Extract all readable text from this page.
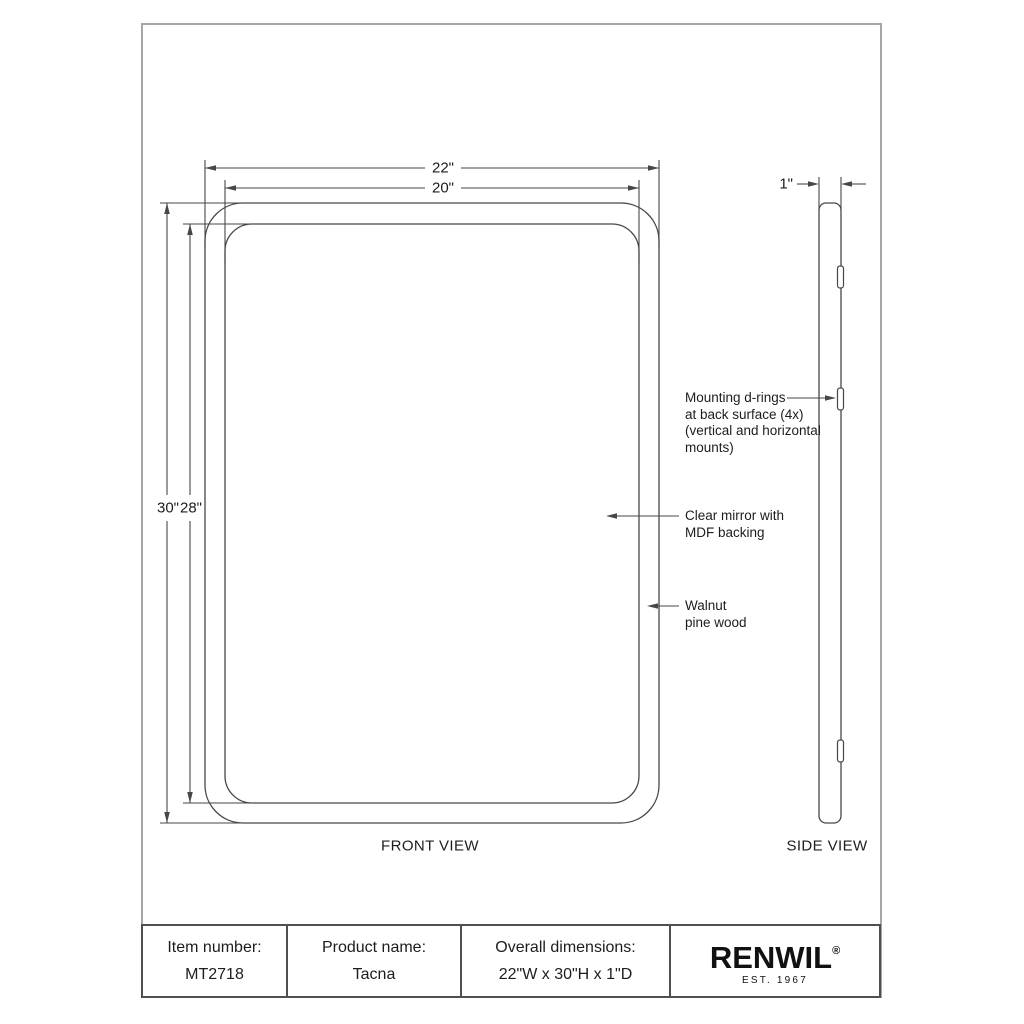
22"
20"
30" 28"
1"
FRONT VIEW	SIDE VIEW
Mounting d-rings
at back surface (4x)
(vertical and horizontal
mounts)
Clear mirror with
MDF backing
Walnut
pine wood
Item number:
MT2718
Product name:
Tacna
Overall dimensions:
22"W x 30"H x 1"D	RENWIL®
EST. 1967
